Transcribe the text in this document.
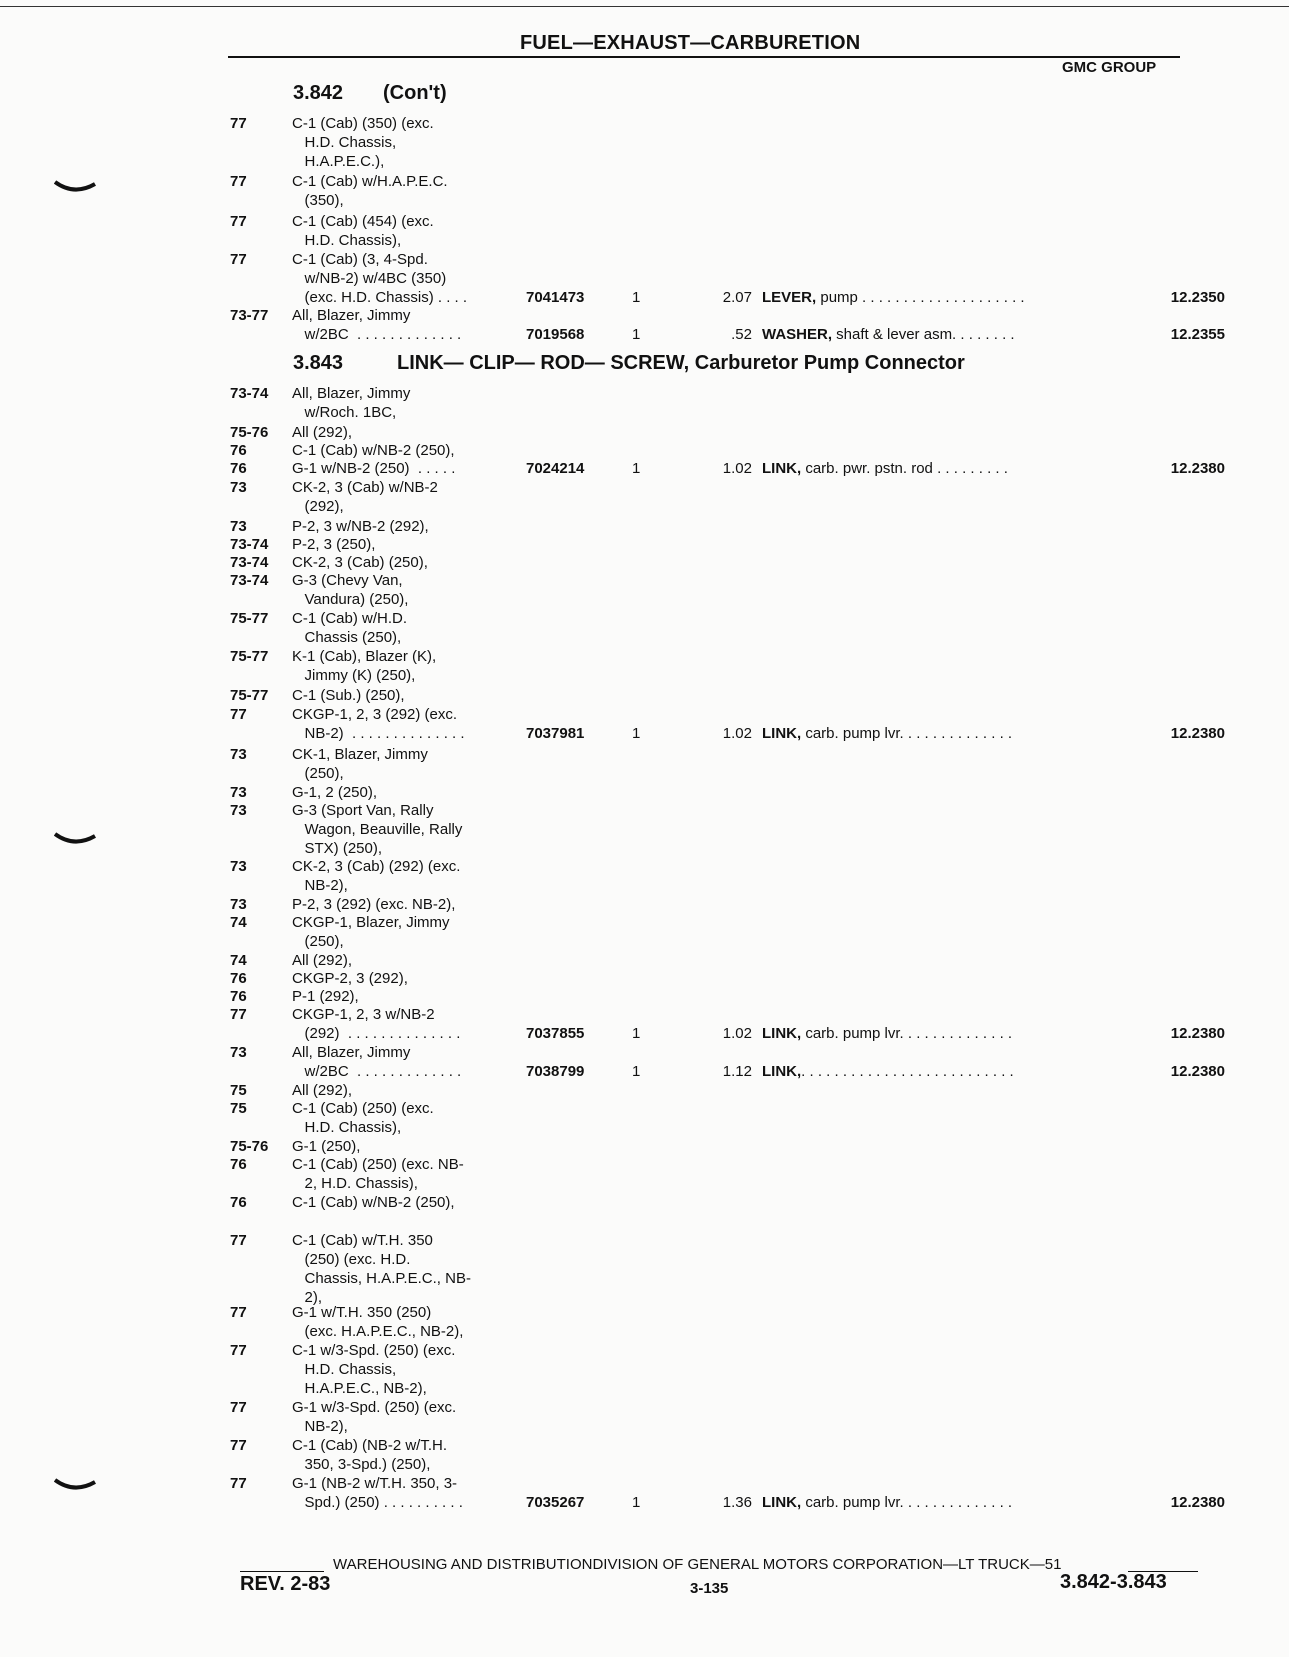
FUEL—EXHAUST—CARBURETION
GMC GROUP
3.842 (Con't)
3.843	LINK— CLIP— ROD— SCREW, Carburetor Pump Connector
77	C-1 (Cab) (350) (exc.
H.D. Chassis,
H.A.P.E.C.),
77	C-1 (Cab) w/H.A.P.E.C.
(350),
77	C-1 (Cab) (454) (exc.
H.D. Chassis),
77	C-1 (Cab) (3, 4-Spd.
w/NB-2) w/4BC (350)
(exc. H.D. Chassis) . . . .	7041473	1	2.07 LEVER, pump . . . . . . . . . . . . . . . . . . . .	12.2350
73-77	All, Blazer, Jimmy
w/2BC  . . . . . . . . . . . . .	7019568	1	.52 WASHER, shaft & lever asm. . . . . . . .	12.2355
73-74	All, Blazer, Jimmy
w/Roch. 1BC,
75-76	All (292),
76	C-1 (Cab) w/NB-2 (250),
76	G-1 w/NB-2 (250)  . . . . .	7024214	1	1.02 LINK, carb. pwr. pstn. rod . . . . . . . . .	12.2380
73	CK-2, 3 (Cab) w/NB-2
(292),
73	P-2, 3 w/NB-2 (292),
73-74	P-2, 3 (250),
73-74	CK-2, 3 (Cab) (250),
73-74	G-3 (Chevy Van,
Vandura) (250),
75-77	C-1 (Cab) w/H.D.
Chassis (250),
75-77	K-1 (Cab), Blazer (K),
Jimmy (K) (250),
75-77	C-1 (Sub.) (250),
77	CKGP-1, 2, 3 (292) (exc.
NB-2)  . . . . . . . . . . . . . .	7037981	1	1.02 LINK, carb. pump lvr. . . . . . . . . . . . . .	12.2380
73	CK-1, Blazer, Jimmy
(250),
73	G-1, 2 (250),
73	G-3 (Sport Van, Rally
Wagon, Beauville, Rally
STX) (250),
73	CK-2, 3 (Cab) (292) (exc.
NB-2),
73	P-2, 3 (292) (exc. NB-2),
74	CKGP-1, Blazer, Jimmy
(250),
74	All (292),
76	CKGP-2, 3 (292),
76	P-1 (292),
77	CKGP-1, 2, 3 w/NB-2
(292)  . . . . . . . . . . . . . .	7037855	1	1.02 LINK, carb. pump lvr. . . . . . . . . . . . . .	12.2380
73	All, Blazer, Jimmy
w/2BC  . . . . . . . . . . . . .	7038799	1	1.12 LINK,. . . . . . . . . . . . . . . . . . . . . . . . . .	12.2380
75	All (292),
75	C-1 (Cab) (250) (exc.
H.D. Chassis),
75-76	G-1 (250),
76	C-1 (Cab) (250) (exc. NB-
2, H.D. Chassis),
76	C-1 (Cab) w/NB-2 (250),
77	C-1 (Cab) w/T.H. 350
(250) (exc. H.D.
Chassis, H.A.P.E.C., NB-
2),
77	G-1 w/T.H. 350 (250)
(exc. H.A.P.E.C., NB-2),
77	C-1 w/3-Spd. (250) (exc.
H.D. Chassis,
H.A.P.E.C., NB-2),
77	G-1 w/3-Spd. (250) (exc.
NB-2),
77	C-1 (Cab) (NB-2 w/T.H.
350, 3-Spd.) (250),
77	G-1 (NB-2 w/T.H. 350, 3-
Spd.) (250) . . . . . . . . . .	7035267	1	1.36 LINK, carb. pump lvr. . . . . . . . . . . . . .	12.2380
WAREHOUSING AND DISTRIBUTIONDIVISION OF GENERAL MOTORS CORPORATION—LT TRUCK—51
REV. 2-83	3-135	3.842-3.843
